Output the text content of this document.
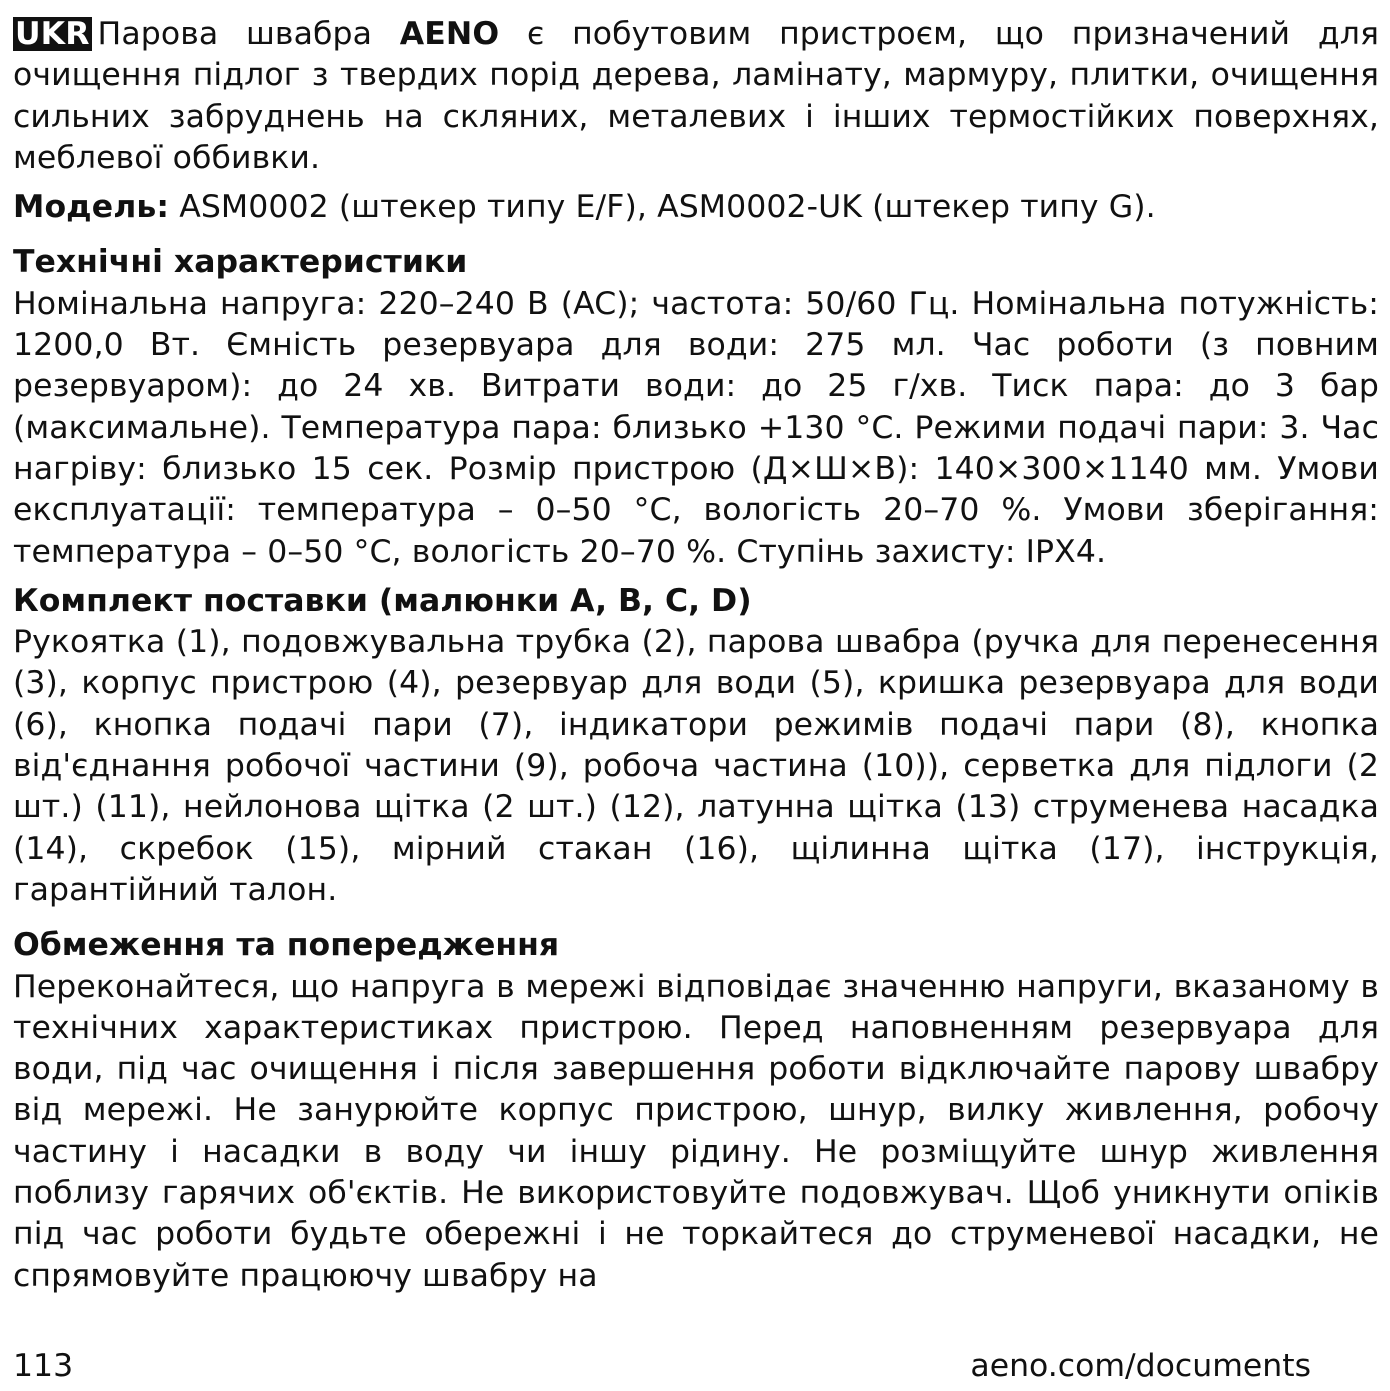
UKR Парова швабра AENO є побутовим пристроєм, що призначений для очищення підлог з твердих порід дерева, ламінату, мармуру, плитки, очищення сильних забруднень на скляних, металевих і інших термостійких поверхнях, меблевої оббивки.

Модель: ASM0002 (штекер типу E/F), ASM0002-UK (штекер типу G).

Технічні характеристики

Номінальна напруга: 220–240 В (AC); частота: 50/60 Гц. Номінальна потужність: 1200,0 Вт. Ємність резервуара для води: 275 мл. Час роботи (з повним резервуаром): до 24 хв. Витрати води: до 25 г/хв. Тиск пара: до 3 бар (максимальне). Температура пара: близько +130 °C. Режими подачі пари: 3. Час нагріву: близько 15 сек. Розмір пристрою (Д×Ш×В): 140×300×1140 мм. Умови експлуатації: температура – 0–50 °C, вологість 20–70 %. Умови зберігання: температура – 0–50 °C, вологість 20–70 %. Ступінь захисту: IPX4.

Комплект поставки (малюнки A, B, C, D)

Рукоятка (1), подовжувальна трубка (2), парова швабра (ручка для перенесення (3), корпус пристрою (4), резервуар для води (5), кришка резервуара для води (6), кнопка подачі пари (7), індикатори режимів подачі пари (8), кнопка від'єднання робочої частини (9), робоча частина (10)), серветка для підлоги (2 шт.) (11), нейлонова щітка (2 шт.) (12), латунна щітка (13) струменева насадка (14), скребок (15), мірний стакан (16), щілинна щітка (17), інструкція, гарантійний талон.

Обмеження та попередження

Переконайтеся, що напруга в мережі відповідає значенню напруги, вказаному в технічних характеристиках пристрою. Перед наповненням резервуара для води, під час очищення і після завершення роботи відключайте парову швабру від мережі. Не занурюйте корпус пристрою, шнур, вилку живлення, робочу частину і насадки в воду чи іншу рідину. Не розміщуйте шнур живлення поблизу гарячих об'єктів. Не використовуйте подовжувач. Щоб уникнути опіків під час роботи будьте обережні і не торкайтеся до струменевої насадки, не спрямовуйте працюючу швабру на

113	aeno.com/documents
